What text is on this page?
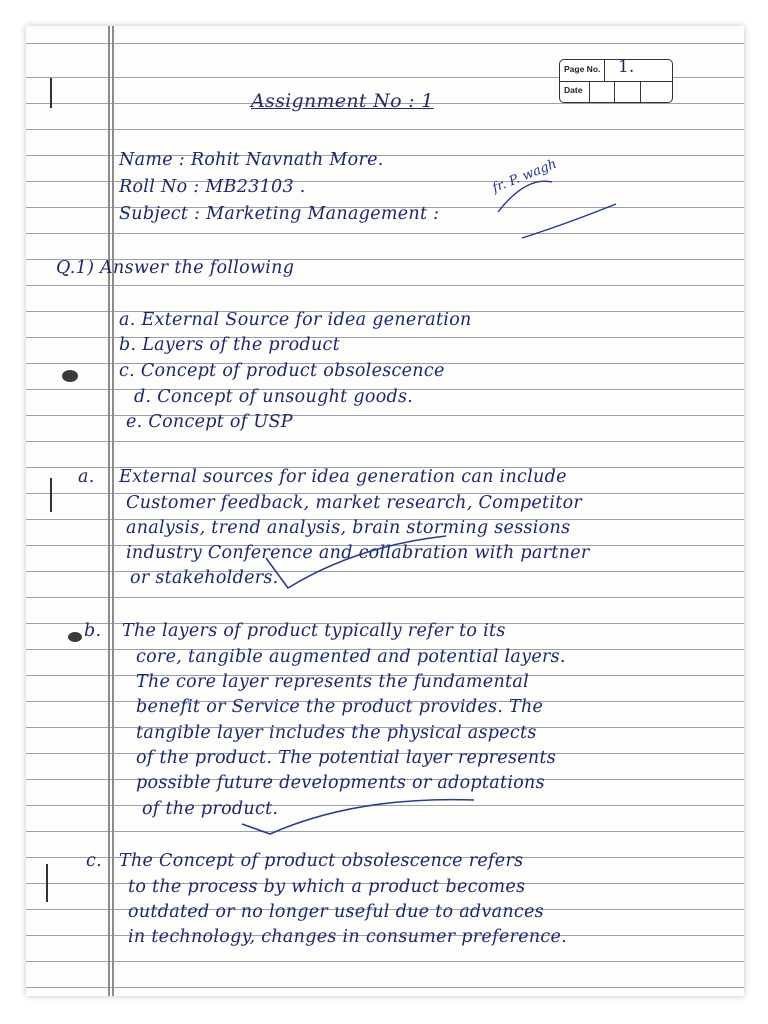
Page No. 1.
Date

Assignment No : 1

Name : Rohit Navnath More.

Roll No : MB23103 .

Subject : Marketing Management :

fr. P. wagh

Q.1) Answer the following

a. External Source for idea generation

b. Layers of the product

c. Concept of product obsolescence

d. Concept of unsought goods.

e. Concept of USP

a. External sources for idea generation can include

Customer feedback, market research, Competitor

analysis, trend analysis, brain storming sessions

industry Conference and collabration with partner

or stakeholders.

b. The layers of product typically refer to its

core, tangible augmented and potential layers.

The core layer represents the fundamental

benefit or Service the product provides. The

tangible layer includes the physical aspects

of the product. The potential layer represents

possible future developments or adoptations

of the product.

c. The Concept of product obsolescence refers

to the process by which a product becomes

outdated or no longer useful due to advances

in technology, changes in consumer preference.
